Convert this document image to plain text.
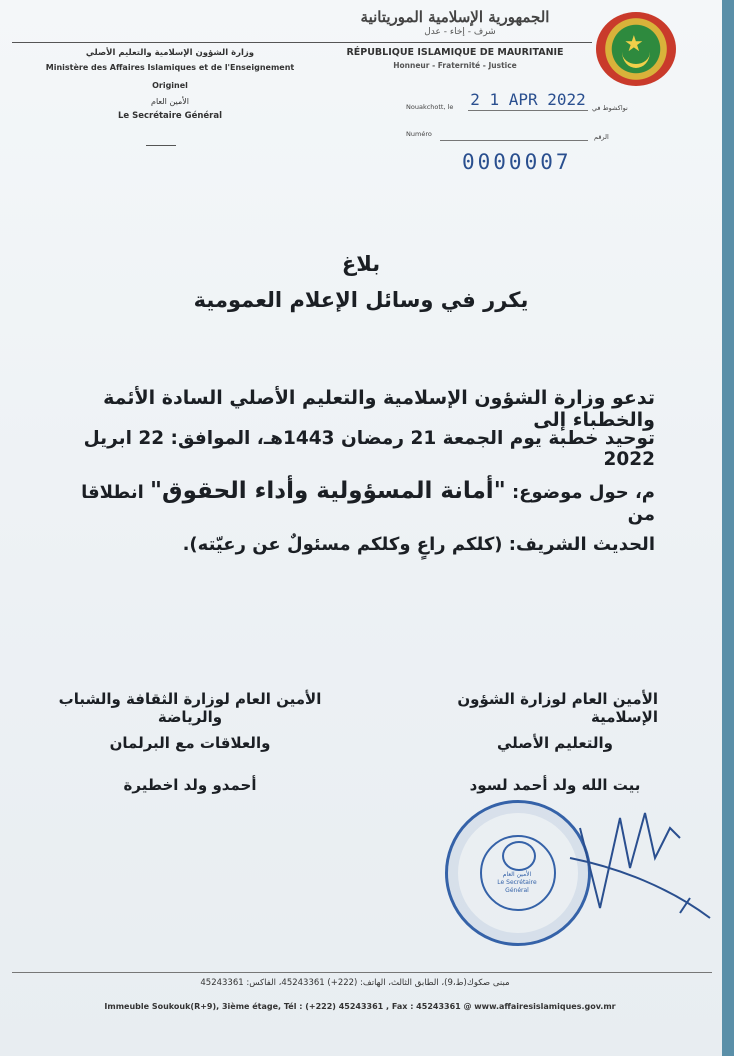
★
الجمهورية الإسلامية الموريتانية
شرف - إخاء - عدل
RÉPUBLIQUE ISLAMIQUE DE MAURITANIE
Honneur - Fraternité - Justice
وزارة الشؤون الإسلامية والتعليم الأصلي
Ministère des Affaires Islamiques et de l'Enseignement
Originel
الأمين العام
Le Secrétaire Général
Nouakchott, le 2 1 APR 2022 نواكشوط في
Numéro	الرقم
0000007
بلاغ
يكرر في وسائل الإعلام العمومية
تدعو وزارة الشؤون الإسلامية والتعليم الأصلي السادة الأئمة والخطباء إلى
توحيد خطبة يوم الجمعة 21 رمضان 1443هـ، الموافق: 22 ابريل 2022
م، حول موضوع: "أمانة المسؤولية وأداء الحقوق" انطلاقا من
الحديث الشريف: (كلكم راعٍ وكلكم مسئولٌ عن رعيّته).
الأمين العام لوزارة الشؤون الإسلامية
والتعليم الأصلي
بيت الله ولد أحمد لسود
الأمين العام لوزارة الثقافة والشباب والرياضة
والعلاقات مع البرلمان
أحمدو ولد اخطيرة
الأمين العام
Le Secrétaire Général
مبنى صكوك(ط،9)، الطابق الثالث، الهاتف: (222+) 45243361، الفاكس: 45243361
Immeuble Soukouk(R+9), 3ième étage, Tél : (+222) 45243361 , Fax : 45243361 @ www.affairesislamiques.gov.mr
